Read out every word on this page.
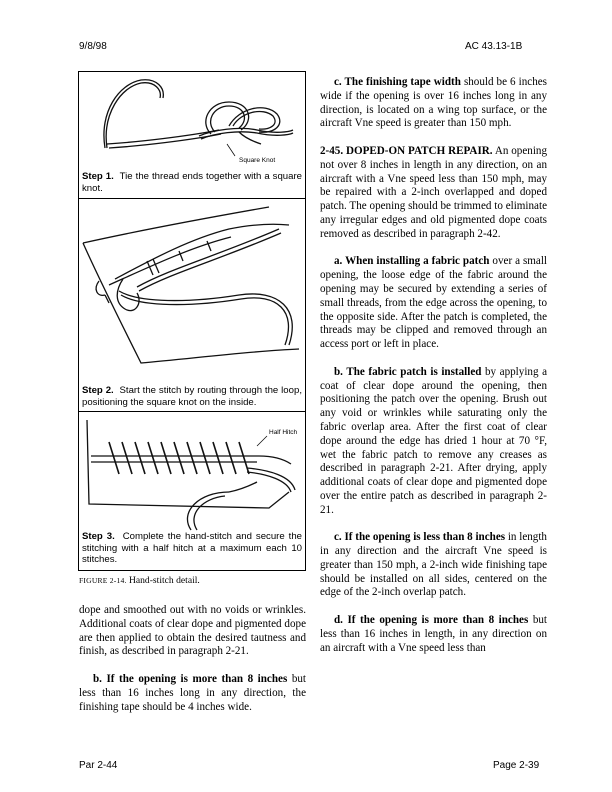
9/8/98	AC 43.13-1B
Square Knot
Step 1. Tie the thread ends together with a square knot.
Step 2. Start the stitch by routing through the loop, positioning the square knot on the inside.
Half Hitch
Step 3. Complete the hand-stitch and secure the stitching with a half hitch at a maximum each 10 stitches.
FIGURE 2-14. Hand-stitch detail.

dope and smoothed out with no voids or wrinkles. Additional coats of clear dope and pigmented dope are then applied to obtain the desired tautness and finish, as described in paragraph 2-21.

b. If the opening is more than 8 inches but less than 16 inches long in any direction, the finishing tape should be 4 inches wide.

c. The finishing tape width should be 6 inches wide if the opening is over 16 inches long in any direction, is located on a wing top surface, or the aircraft Vne speed is greater than 150 mph.

2-45. DOPED-ON PATCH REPAIR. An opening not over 8 inches in length in any direction, on an aircraft with a Vne speed less than 150 mph, may be repaired with a 2-inch overlapped and doped patch. The opening should be trimmed to eliminate any irregular edges and old pigmented dope coats removed as described in paragraph 2-42.

a. When installing a fabric patch over a small opening, the loose edge of the fabric around the opening may be secured by extending a series of small threads, from the edge across the opening, to the opposite side. After the patch is completed, the threads may be clipped and removed through an access port or left in place.

b. The fabric patch is installed by applying a coat of clear dope around the opening, then positioning the patch over the opening. Brush out any void or wrinkles while saturating only the fabric overlap area. After the first coat of clear dope around the edge has dried 1 hour at 70 °F, wet the fabric patch to remove any creases as described in paragraph 2-21. After drying, apply additional coats of clear dope and pigmented dope over the entire patch as described in paragraph 2-21.

c. If the opening is less than 8 inches in length in any direction and the aircraft Vne speed is greater than 150 mph, a 2-inch wide finishing tape should be installed on all sides, centered on the edge of the 2-inch overlap patch.

d. If the opening is more than 8 inches but less than 16 inches in length, in any direction on an aircraft with a Vne speed less than

Par 2-44	Page 2-39
